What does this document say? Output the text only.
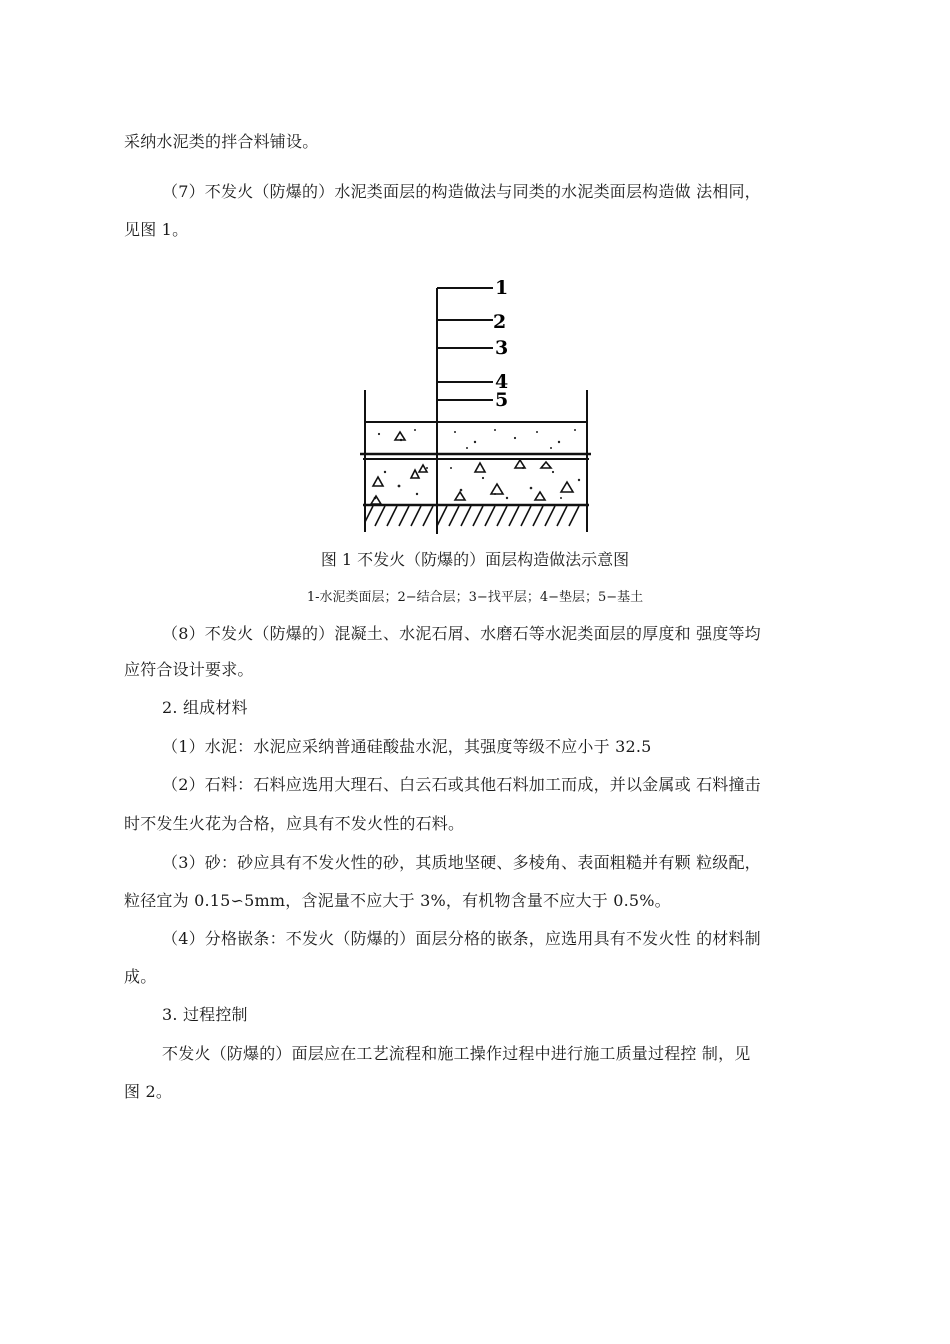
采纳水泥类的拌合料铺设。
（7）不发火（防爆的）水泥类面层的构造做法与同类的水泥类面层构造做 法相同，
见图 1。
1
2
3
4
5
图 1 不发火（防爆的）面层构造做法示意图
1-水泥类面层；2−结合层；3−找平层；4−垫层；5−基土
（8）不发火（防爆的）混凝土、水泥石屑、水磨石等水泥类面层的厚度和 强度等均
应符合设计要求。
2. 组成材料
（1）水泥：水泥应采纳普通硅酸盐水泥，其强度等级不应小于 32.5
（2）石料：石料应选用大理石、白云石或其他石料加工而成，并以金属或 石料撞击
时不发生火花为合格，应具有不发火性的石料。
（3）砂：砂应具有不发火性的砂，其质地坚硬、多棱角、表面粗糙并有颗 粒级配，
粒径宜为 0.15∽5mm，含泥量不应大于 3%，有机物含量不应大于 0.5%。
（4）分格嵌条：不发火（防爆的）面层分格的嵌条，应选用具有不发火性 的材料制
成。
3. 过程控制
不发火（防爆的）面层应在工艺流程和施工操作过程中进行施工质量过程控 制，见
图 2。
